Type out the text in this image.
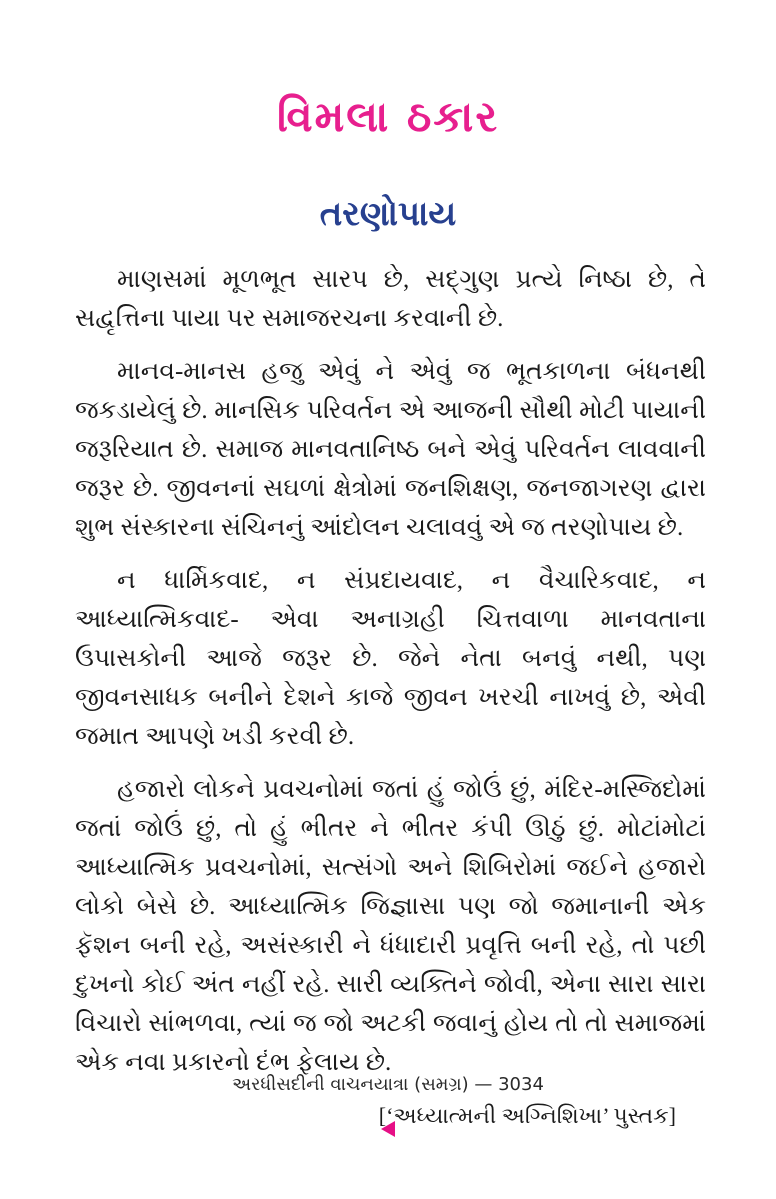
વિમલા ઠકાર
તરણોપાય

માણસમાં મૂળભૂત સારપ છે, સદ્ગુણ પ્રત્યે નિષ્ઠા છે, તે સદ્વૃત્તિના પાયા પર સમાજરચના કરવાની છે.

માનવ-માનસ હજુ એવું ને એવું જ ભૂતકાળના બંધનથી જકડાયેલું છે. માનસિક પરિવર્તન એ આજની સૌથી મોટી પાયાની જરૂરિયાત છે. સમાજ માનવતાનિષ્ઠ બને એવું પરિવર્તન લાવવાની જરૂર છે. જીવનનાં સઘળાં ક્ષેત્રોમાં જનશિક્ષણ, જનજાગરણ દ્વારા શુભ સંસ્કારના સંચિનનું આંદોલન ચલાવવું એ જ તરણોપાય છે.

ન ધાર્મિકવાદ, ન સંપ્રદાયવાદ, ન વૈચારિકવાદ, ન આધ્યાત્મિકવાદ- એવા અનાગ્રહી ચિત્તવાળા માનવતાના ઉપાસકોની આજે જરૂર છે. જેને નેતા બનવું નથી, પણ જીવનસાધક બનીને દેશને કાજે જીવન ખરચી નાખવું છે, એવી જમાત આપણે ખડી કરવી છે.

હજારો લોકને પ્રવચનોમાં જતાં હું જોઉં છું, મંદિર-મસ્જિદોમાં જતાં જોઉં છું, તો હું ભીતર ને ભીતર કંપી ઊઠું છું. મોટાંમોટાં આધ્યાત્મિક પ્રવચનોમાં, સત્સંગો અને શિબિરોમાં જઈને હજારો લોકો બેસે છે. આધ્યાત્મિક જિજ્ઞાસા પણ જો જમાનાની એક ફૅશન બની રહે, અસંસ્કારી ને ધંધાદારી પ્રવૃત્તિ બની રહે, તો પછી દુખનો કોઈ અંત નહીં રહે. સારી વ્યક્તિને જોવી, એના સારા સારા વિચારો સાંભળવા, ત્યાં જ જો અટકી જવાનું હોય તો તો સમાજમાં એક નવા પ્રકારનો દંભ ફેલાય છે.

[‘અધ્યાત્મની અગ્નિશિખા’ પુસ્તક]
અરધીસદીની વાચનયાત્રા (સમગ્ર) — 3034
